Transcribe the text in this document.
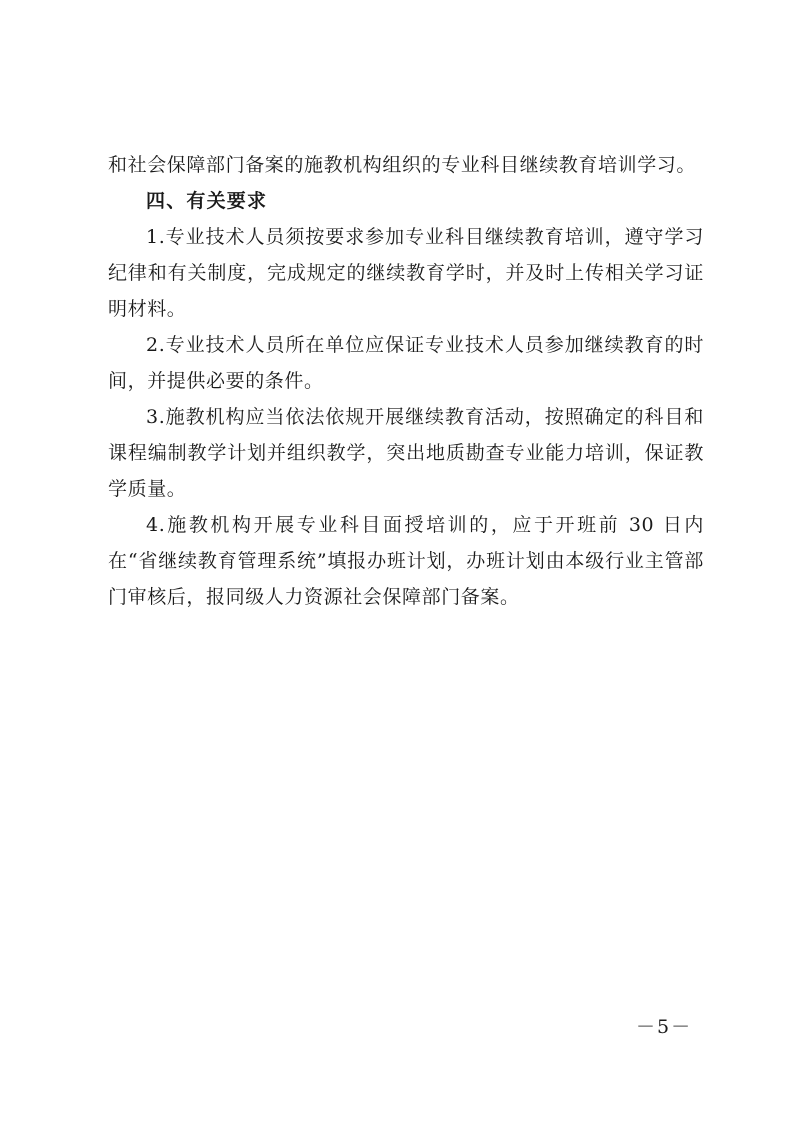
和社会保障部门备案的施教机构组织的专业科目继续教育培训学习。

四、有关要求

1.专业技术人员须按要求参加专业科目继续教育培训，遵守学习纪律和有关制度，完成规定的继续教育学时，并及时上传相关学习证明材料。

2.专业技术人员所在单位应保证专业技术人员参加继续教育的时间，并提供必要的条件。

3.施教机构应当依法依规开展继续教育活动，按照确定的科目和课程编制教学计划并组织教学，突出地质勘查专业能力培训，保证教学质量。

4.施教机构开展专业科目面授培训的，应于开班前 30 日内在“省继续教育管理系统”填报办班计划，办班计划由本级行业主管部门审核后，报同级人力资源社会保障部门备案。

－5－
